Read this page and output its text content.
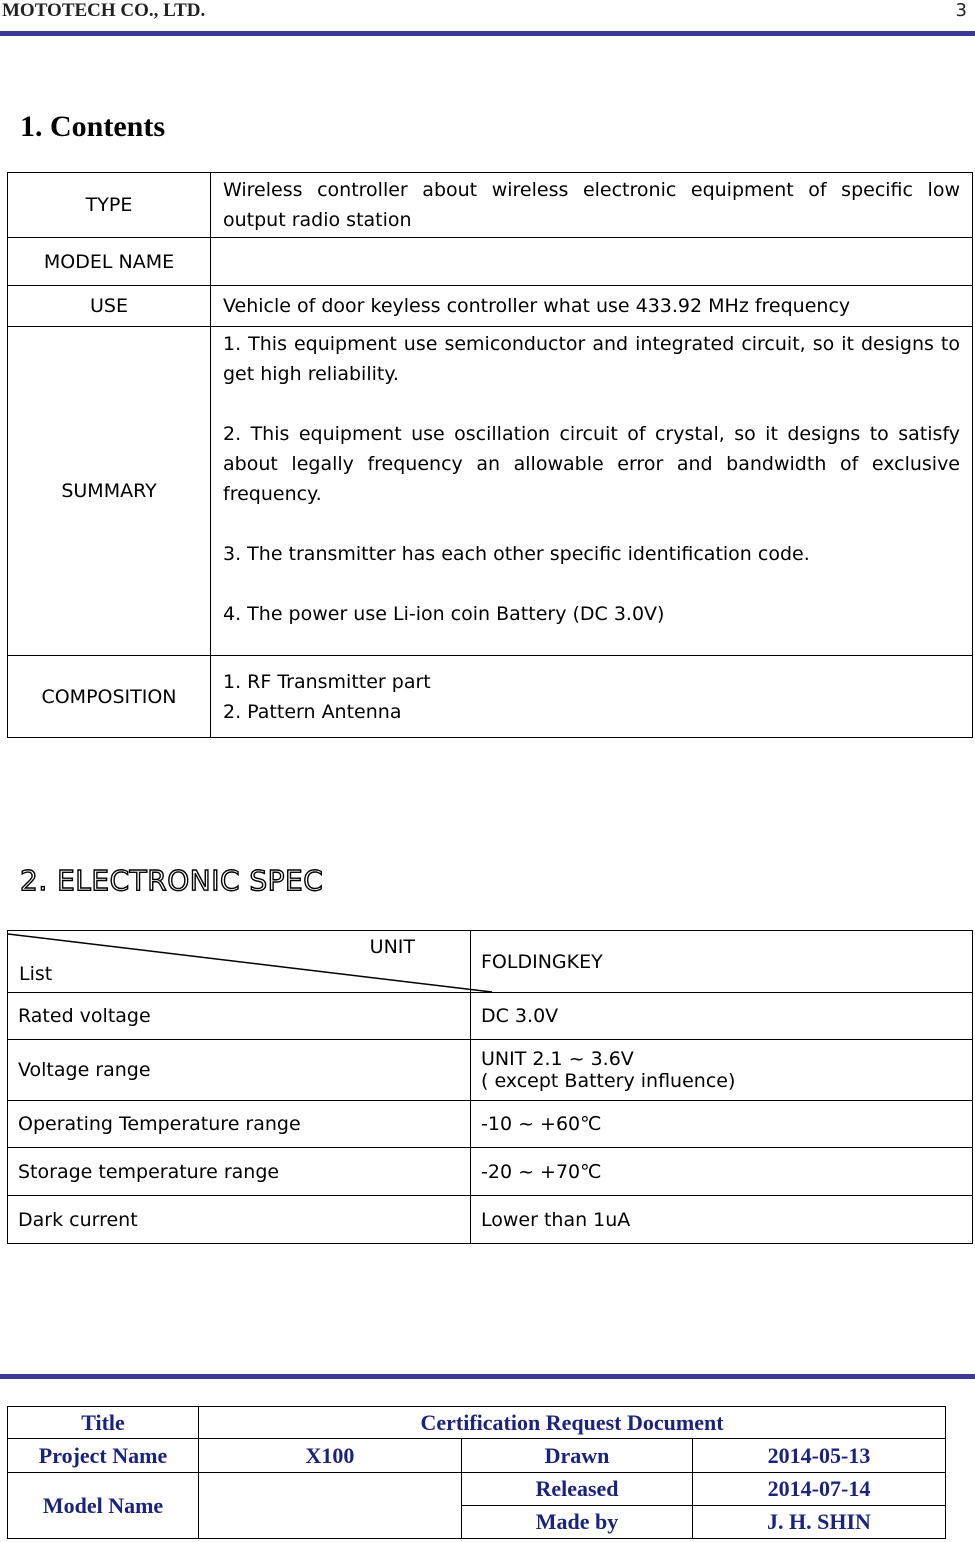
MOTOTECH CO., LTD.	3
1. Contents
TYPE	Wireless controller about wireless electronic equipment of specific low output radio station
MODEL NAME	
USE	Vehicle of door keyless controller what use 433.92 MHz frequency
SUMMARY	1. This equipment use semiconductor and integrated circuit, so it designs to get high reliability.
2. This equipment use oscillation circuit of crystal, so it designs to satisfy about legally frequency an allowable error and bandwidth of exclusive frequency.
3. The transmitter has each other specific identification code.
4. The power use Li-ion coin Battery (DC 3.0V)

COMPOSITION	1. RF Transmitter part
2. Pattern Antenna
2. ELECTRONIC SPEC
UNIT
List	FOLDINGKEY
Rated voltage	DC 3.0V
Voltage range	UNIT 2.1 ~ 3.6V
( except Battery influence)

Operating Temperature range	-10 ~ +60℃
Storage temperature range	-20 ~ +70℃
Dark current	Lower than 1uA
Title	Certification Request Document		
Project Name	X100	Drawn	2014-05-13
Model Name		Released	2014-07-14
		Made by	J. H. SHIN
